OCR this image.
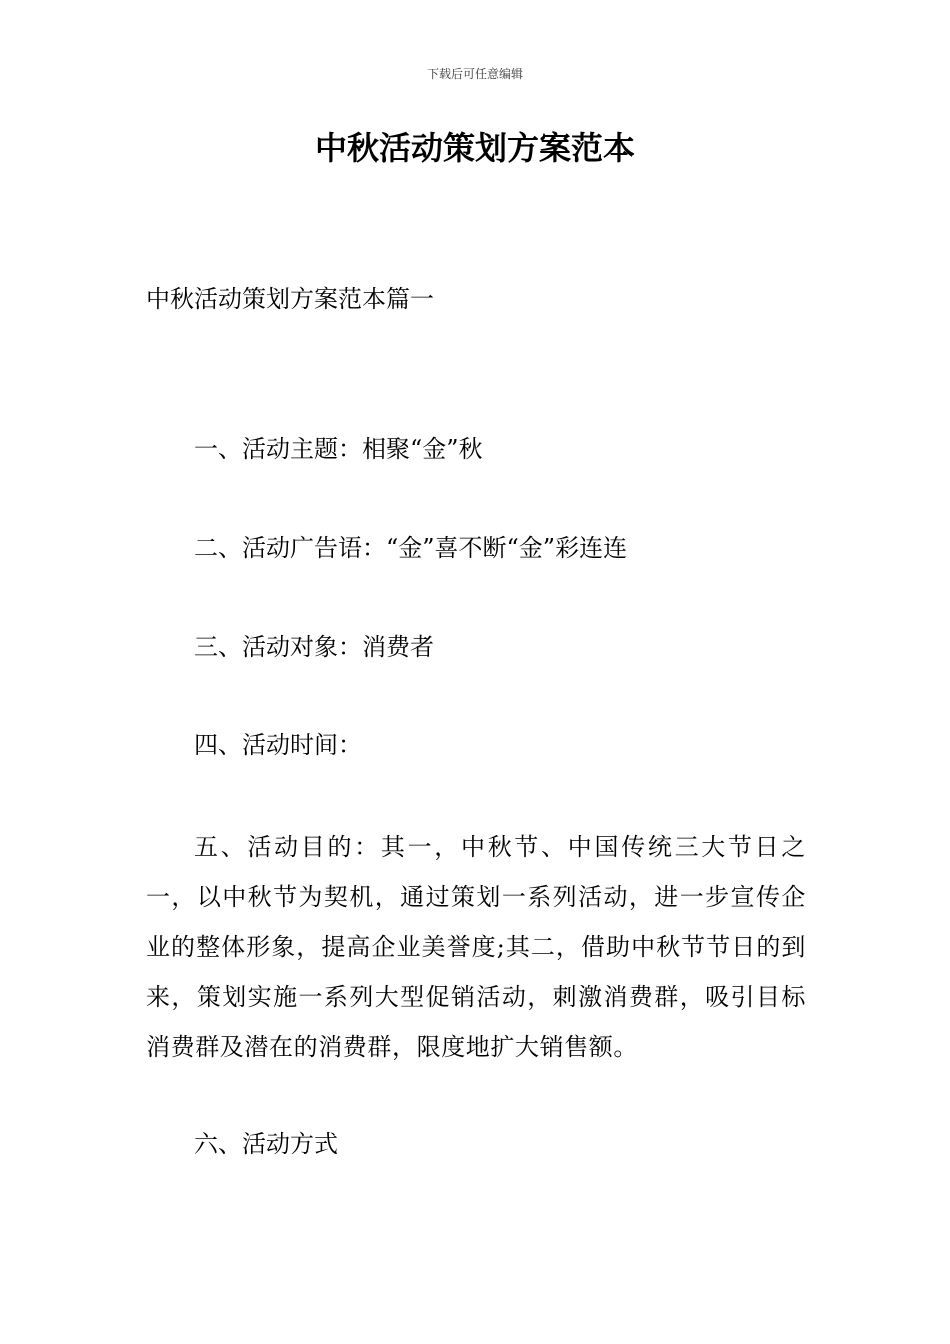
下载后可任意编辑
中秋活动策划方案范本
中秋活动策划方案范本篇一

一、活动主题：相聚“金”秋

二、活动广告语：“金”喜不断“金”彩连连

三、活动对象：消费者

四、活动时间：

五、活动目的：其一，中秋节、中国传统三大节日之一，以中秋节为契机，通过策划一系列活动，进一步宣传企业的整体形象，提高企业美誉度;其二，借助中秋节节日的到来，策划实施一系列大型促销活动，刺激消费群，吸引目标消费群及潜在的消费群，限度地扩大销售额。

六、活动方式
